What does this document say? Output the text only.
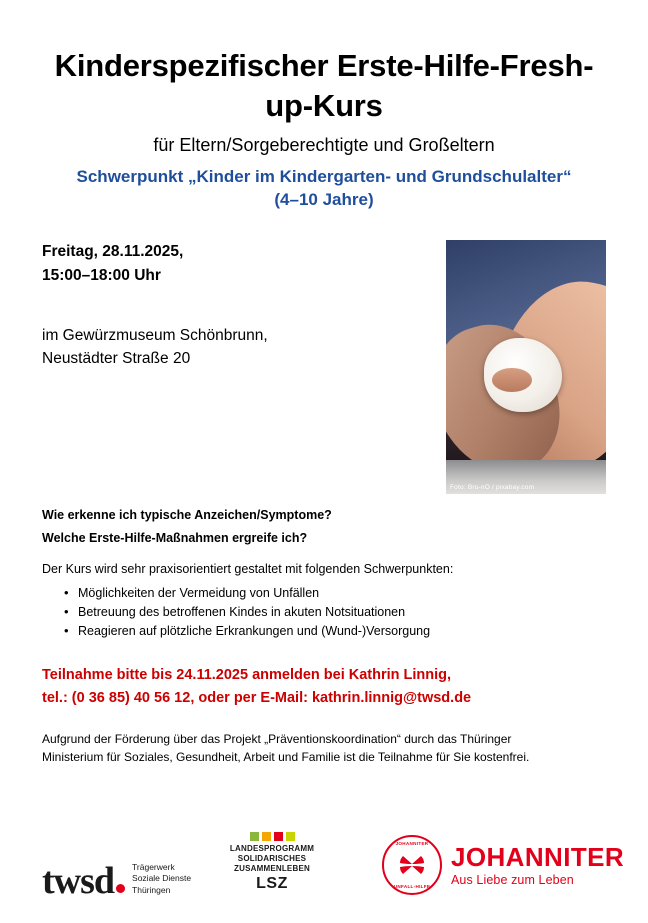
Kinderspezifischer Erste-Hilfe-Fresh-up-Kurs

für Eltern/Sorgeberechtigte und Großeltern

Schwerpunkt „Kinder im Kindergarten- und Grundschulalter“

(4–10 Jahre)

Foto: Bru-nO / pixabay.com

Freitag, 28.11.2025,
15:00–18:00 Uhr

im Gewürzmuseum Schönbrunn,
Neustädter Straße 20

Wie erkenne ich typische Anzeichen/Symptome?

Welche Erste-Hilfe-Maßnahmen ergreife ich?

Der Kurs wird sehr praxisorientiert gestaltet mit folgenden Schwerpunkten:

• Möglichkeiten der Vermeidung von Unfällen
• Betreuung des betroffenen Kindes in akuten Notsituationen
• Reagieren auf plötzliche Erkrankungen und (Wund-)Versorgung
Teilnahme bitte bis 24.11.2025 anmelden bei Kathrin Linnig,
tel.: (0 36 85) 40 56 12, oder per E-Mail: kathrin.linnig@twsd.de

Aufgrund der Förderung über das Projekt „Präventionskoordination“ durch das Thüringer Ministerium für Soziales, Gesundheit, Arbeit und Familie ist die Teilnahme für Sie kostenfrei.

twsd	Trägerwerk
Soziale Dienste
Thüringen
LANDESPROGRAMM
SOLIDARISCHES
ZUSAMMENLEBEN
LSZ
JOHANNITER
UNFALL-HILFE
JOHANNITER
Aus Liebe zum Leben
